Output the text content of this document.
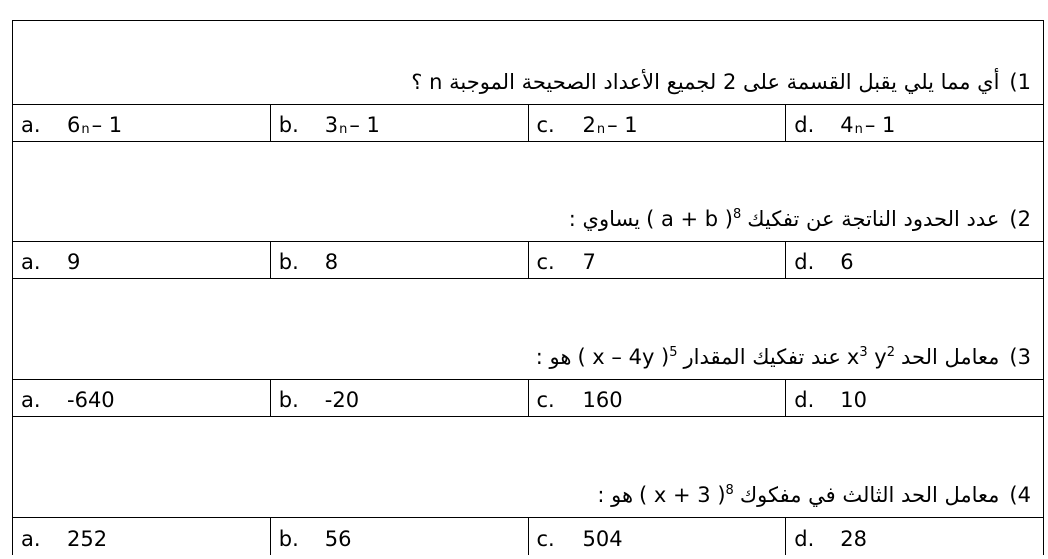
1)
أي مما يلي يقبل القسمة على 2 لجميع الأعداد الصحيحة الموجبة n ؟
a.	6 n – 1	b.	3 n – 1	c.	2 n – 1	d.	4 n – 1
2)
عدد الحدود الناتجة عن تفكيك
( a + b )$^8$
يساوي :
a.	9	b.	8	c.	7	d.	6
3)
معامل الحد
$x^3$ $y^2$
عند تفكيك المقدار
( x – 4y )$^5$
هو :
a.	-640	b.	-20	c.	160	d.	10
4)
معامل الحد الثالث في مفكوك
( x + 3 )$^8$
هو :
a.	252	b.	56	c.	504	d.	28
